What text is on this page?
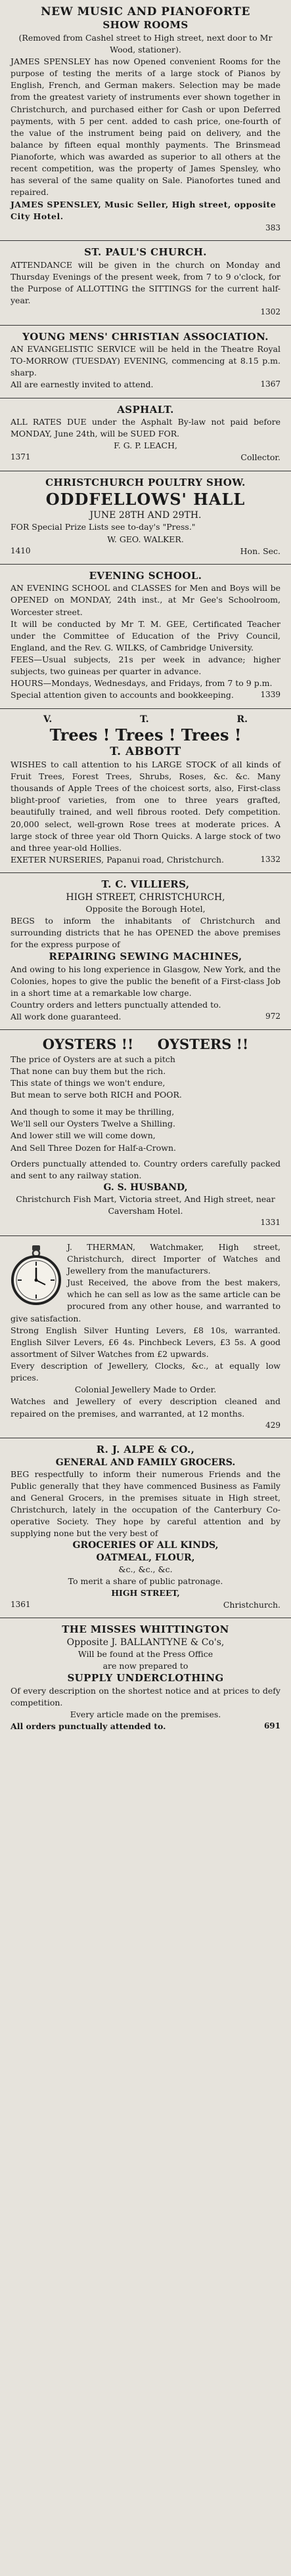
NEW MUSIC AND PIANOFORTE
SHOW ROOMS
(Removed from Cashel street to High street, next door to Mr Wood, stationer).

JAMES SPENSLEY has now Opened convenient Rooms for the purpose of testing the merits of a large stock of Pianos by English, French, and German makers. Selection may be made from the greatest variety of instruments ever shown together in Christchurch, and purchased either for Cash or upon Deferred payments, with 5 per cent. added to cash price, one-fourth of the value of the instrument being paid on delivery, and the balance by fifteen equal monthly payments. The Brinsmead Pianoforte, which was awarded as superior to all others at the recent competition, was the property of James Spensley, who has several of the same quality on Sale. Pianofortes tuned and repaired.

JAMES SPENSLEY, Music Seller, High street, opposite City Hotel.
383
ST. PAUL'S CHURCH.

ATTENDANCE will be given in the church on Monday and Thursday Evenings of the present week, from 7 to 9 o'clock, for the Purpose of ALLOTTING the SITTINGS for the current half-year.

1302
YOUNG MENS' CHRISTIAN ASSOCIATION.

AN EVANGELISTIC SERVICE will be held in the Theatre Royal TO-MORROW (TUESDAY) EVENING, commencing at 8.15 p.m. sharp.

All are earnestly invited to attend.	1367
ASPHALT.

ALL RATES DUE under the Asphalt By-law not paid before MONDAY, June 24th, will be SUED FOR.

F. G. P. LEACH,
1371	Collector.
CHRISTCHURCH POULTRY SHOW.
ODDFELLOWS' HALL
JUNE 28TH AND 29TH.

FOR Special Prize Lists see to-day's "Press."

W. GEO. WALKER.
1410	Hon. Sec.
EVENING SCHOOL.

AN EVENING SCHOOL and CLASSES for Men and Boys will be OPENED on MONDAY, 24th inst., at Mr Gee's Schoolroom, Worcester street.

It will be conducted by Mr T. M. GEE, Certificated Teacher under the Committee of Education of the Privy Council, England, and the Rev. G. WILKS, of Cambridge University.

FEES—Usual subjects, 21s per week in advance; higher subjects, two guineas per quarter in advance.

HOURS—Mondays, Wednesdays, and Fridays, from 7 to 9 p.m.

Special attention given to accounts and bookkeeping.	1339
V.	T.	R.
Trees ! Trees ! Trees !
T. ABBOTT

WISHES to call attention to his LARGE STOCK of all kinds of Fruit Trees, Forest Trees, Shrubs, Roses, &c. &c. Many thousands of Apple Trees of the choicest sorts, also, First-class blight-proof varieties, from one to three years grafted, beautifully trained, and well fibrous rooted. Defy competition. 20,000 select, well-grown Rose trees at moderate prices. A large stock of three year old Thorn Quicks. A large stock of two and three year-old Hollies.

EXETER NURSERIES, Papanui road, Christchurch.	1332
T. C. VILLIERS,
HIGH STREET, CHRISTCHURCH,
Opposite the Borough Hotel,

BEGS to inform the inhabitants of Christchurch and surrounding districts that he has OPENED the above premises for the express purpose of

REPAIRING SEWING MACHINES,

And owing to his long experience in Glasgow, New York, and the Colonies, hopes to give the public the benefit of a First-class Job in a short time at a remarkable low charge.

Country orders and letters punctually attended to.

All work done guaranteed.	972
OYSTERS !!     OYSTERS !!
The price of Oysters are at such a pitch
That none can buy them but the rich.
This state of things we won't endure,
But mean to serve both RICH and POOR.
And though to some it may be thrilling,
We'll sell our Oysters Twelve a Shilling.
And lower still we will come down,
And Sell Three Dozen for Half-a-Crown.

Orders punctually attended to. Country orders carefully packed and sent to any railway station.

G. S. HUSBAND,
Christchurch Fish Mart, Victoria street, And High street, near Caversham Hotel.
1331

J. THERMAN, Watchmaker, High street, Christchurch, direct Importer of Watches and Jewellery from the manufacturers.

Just Received, the above from the best makers, which he can sell as low as the same article can be procured from any other house, and warranted to give satisfaction.

Strong English Silver Hunting Levers, £8 10s, warranted. English Silver Levers, £6 4s. Pinchbeck Levers, £3 5s. A good assortment of Silver Watches from £2 upwards.

Every description of Jewellery, Clocks, &c., at equally low prices.

Colonial Jewellery Made to Order.

Watches and Jewellery of every description cleaned and repaired on the premises, and warranted, at 12 months.

429
R. J. ALPE & CO.,
GENERAL AND FAMILY GROCERS.

BEG respectfully to inform their numerous Friends and the Public generally that they have commenced Business as Family and General Grocers, in the premises situate in High street, Christchurch, lately in the occupation of the Canterbury Co-operative Society. They hope by careful attention and by supplying none but the very best of

GROCERIES OF ALL KINDS,
OATMEAL, FLOUR,
&c., &c., &c.
To merit a share of public patronage.
HIGH STREET,
1361	Christchurch.
THE MISSES WHITTINGTON
Opposite J. BALLANTYNE & Co's,
Will be found at the Press Office
are now prepared to
SUPPLY UNDERCLOTHING

Of every description on the shortest notice and at prices to defy competition.

Every article made on the premises.
All orders punctually attended to.	691
